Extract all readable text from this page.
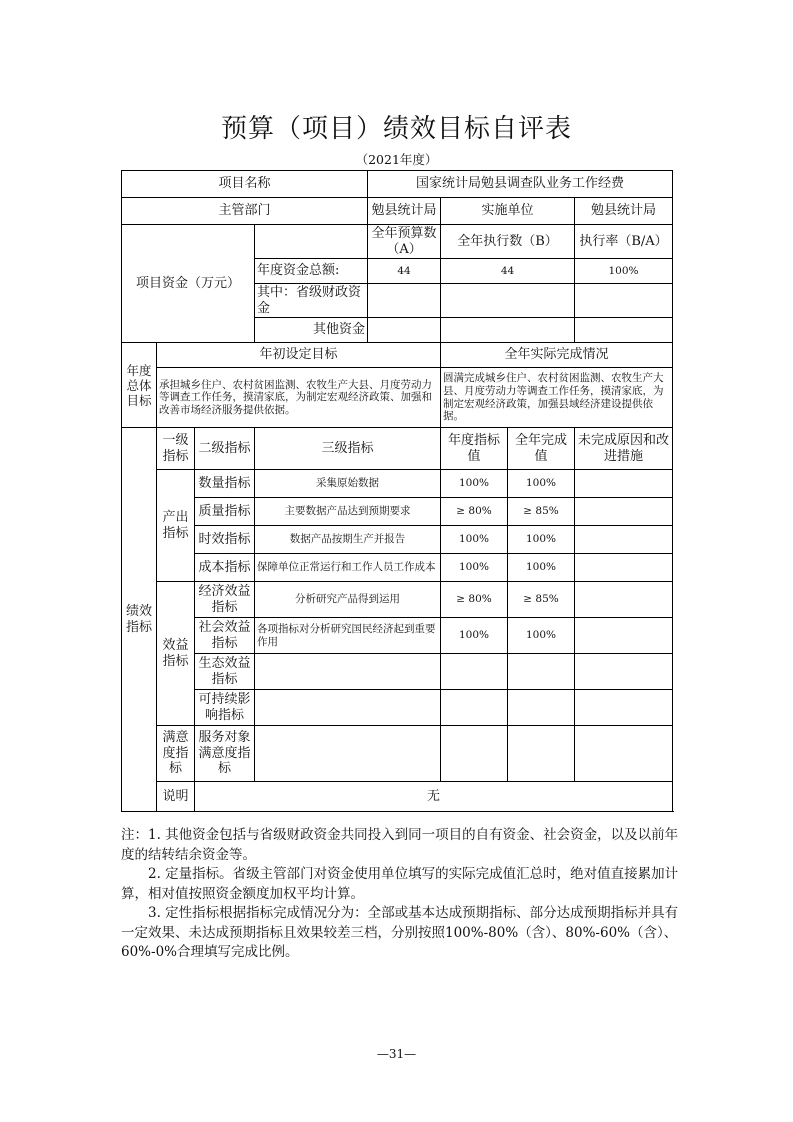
预算（项目）绩效目标自评表
（2021年度）
项目名称				国家统计局勉县调查队业务工作经费			
主管部门				勉县统计局	实施单位		勉县统计局
项目资金（万元）				全年预算数（A）	全年执行数（B）		执行率（B/A）
			年度资金总额:	44	44		100%
			其中：省级财政资金				
			其他资金				
年度总体目标	年初设定目标				全年实际完成情况		
	承担城乡住户、农村贫困监测、农牧生产大县、月度劳动力等调查工作任务，摸清家底，为制定宏观经济政策、加强和改善市场经济服务提供依据。				圆满完成城乡住户、农村贫困监测、农牧生产大县、月度劳动力等调查工作任务，摸清家底，为制定宏观经济政策，加强县域经济建设提供依据。		
绩效指标	一级指标	二级指标	三级指标		年度指标值	全年完成值	未完成原因和改进措施
	产出指标	数量指标	采集原始数据		100%	100%	
		质量指标	主要数据产品达到预期要求		≥ 80%	≥ 85%	
		时效指标	数据产品按期生产并报告		100%	100%	
		成本指标	保障单位正常运行和工作人员工作成本		100%	100%	
	效益指标	经济效益指标	分析研究产品得到运用		≥ 80%	≥ 85%	
		社会效益指标	各项指标对分析研究国民经济起到重要作用		100%	100%	
		生态效益指标					
		可持续影响指标					
	满意度指标	服务对象满意度指标					
	说明	无					

注：1. 其他资金包括与省级财政资金共同投入到同一项目的自有资金、社会资金，以及以前年度的结转结余资金等。

2. 定量指标。省级主管部门对资金使用单位填写的实际完成值汇总时，绝对值直接累加计算，相对值按照资金额度加权平均计算。

3. 定性指标根据指标完成情况分为：全部或基本达成预期指标、部分达成预期指标并具有一定效果、未达成预期指标且效果较差三档，分别按照100%-80%（含）、80%-60%（含）、60%-0%合理填写完成比例。

—31—
